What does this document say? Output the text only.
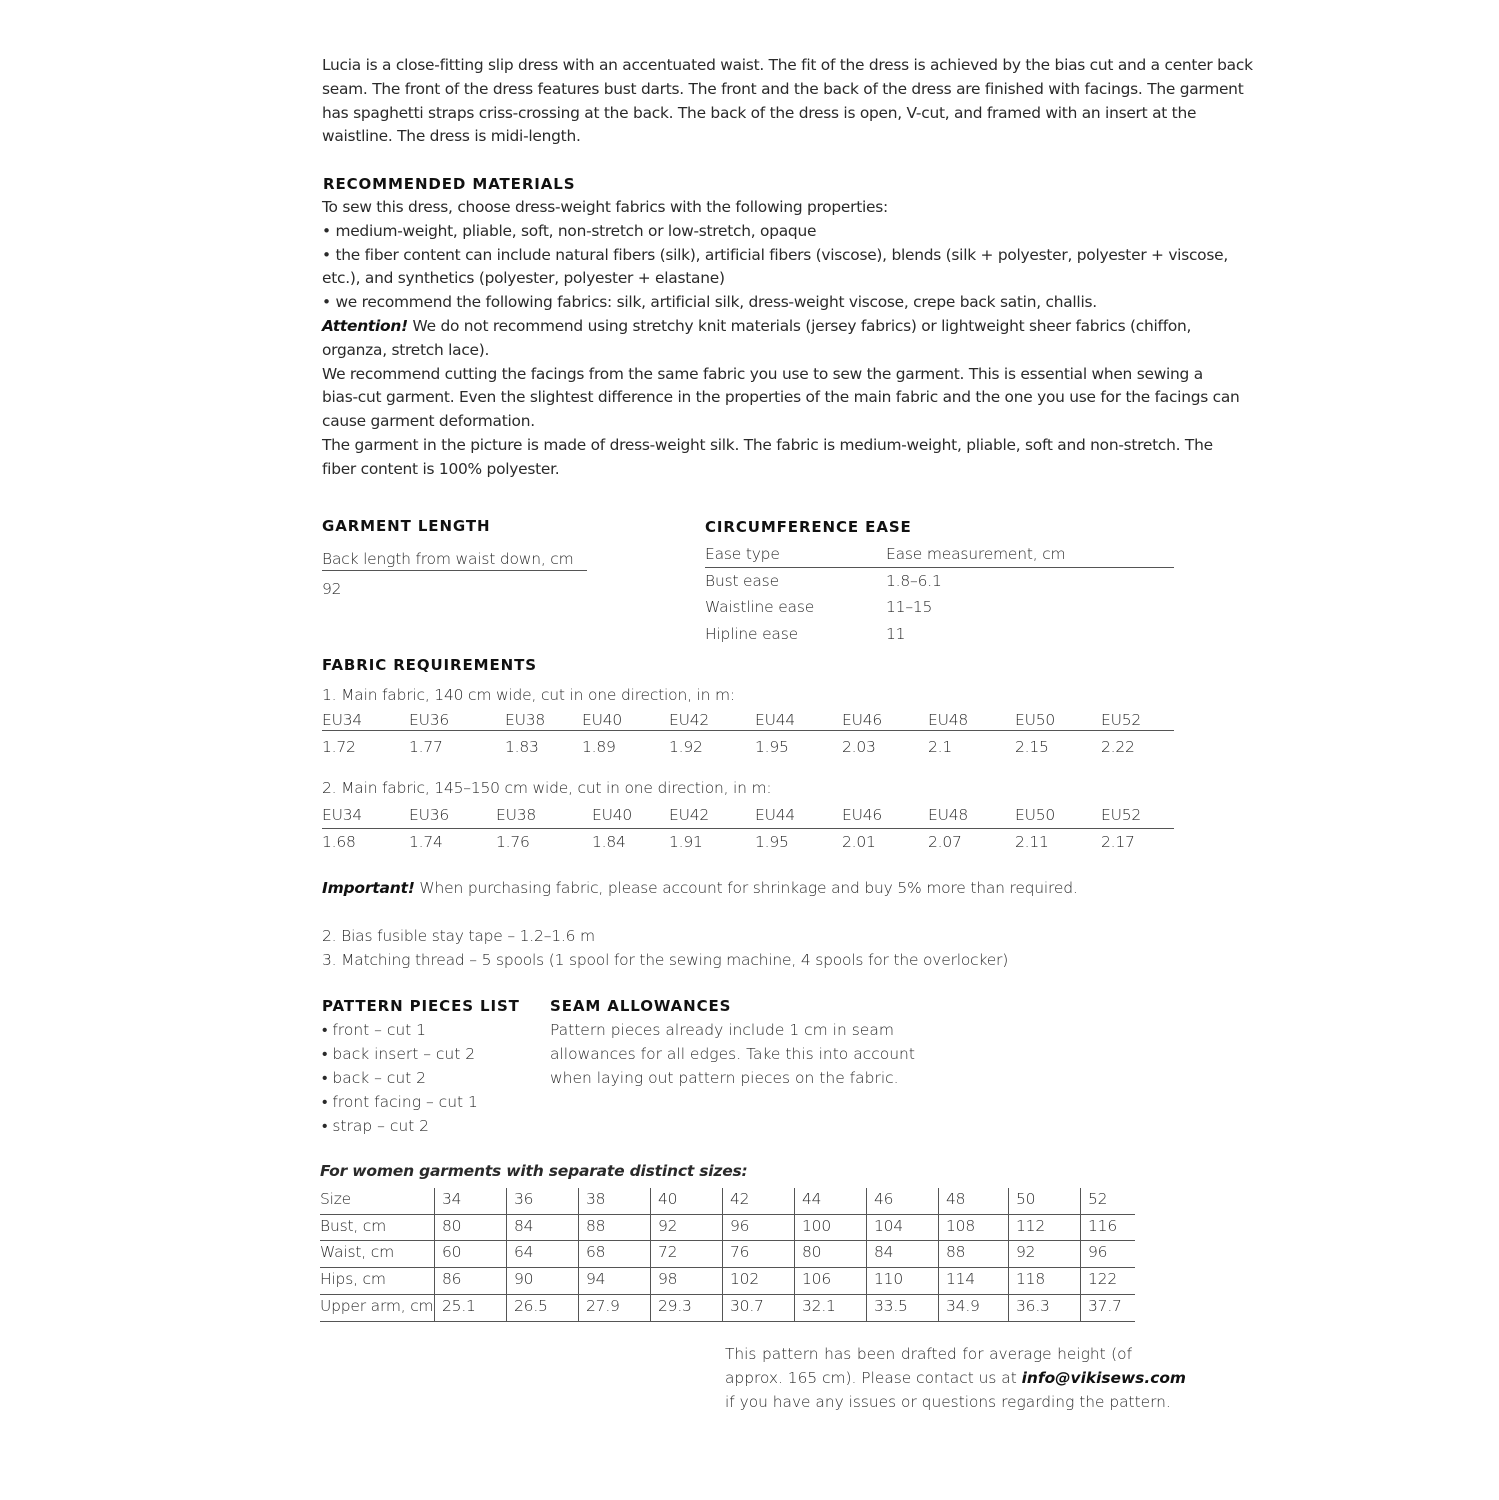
Lucia is a close-fitting slip dress with an accentuated waist. The fit of the dress is achieved by the bias cut and a center back
seam. The front of the dress features bust darts. The front and the back of the dress are finished with facings. The garment
has spaghetti straps criss-crossing at the back. The back of the dress is open, V-cut, and framed with an insert at the
waistline. The dress is midi-length.
RECOMMENDED MATERIALS
To sew this dress, choose dress-weight fabrics with the following properties:
• medium-weight, pliable, soft, non-stretch or low-stretch, opaque
• the fiber content can include natural fibers (silk), artificial fibers (viscose), blends (silk + polyester, polyester + viscose,
etc.), and synthetics (polyester, polyester + elastane)
• we recommend the following fabrics: silk, artificial silk, dress-weight viscose, crepe back satin, challis.
Attention! We do not recommend using stretchy knit materials (jersey fabrics) or lightweight sheer fabrics (chiffon,
organza, stretch lace).
We recommend cutting the facings from the same fabric you use to sew the garment. This is essential when sewing a
bias-cut garment. Even the slightest difference in the properties of the main fabric and the one you use for the facings can
cause garment deformation.
The garment in the picture is made of dress-weight silk. The fabric is medium-weight, pliable, soft and non-stretch. The
fiber content is 100% polyester.
GARMENT LENGTH
Back length from waist down, cm
92
CIRCUMFERENCE EASE
Ease type	Ease measurement, cm
Bust ease	1.8–6.1
Waistline ease	11–15
Hipline ease	11
FABRIC REQUIREMENTS
1. Main fabric, 140 cm wide, cut in one direction, in m:
EU34	EU36	EU38 EU40	EU42	EU44	EU46	EU48	EU50	EU52
1.72	1.77	1.83	1.89	1.92	1.95	2.03	2.1	2.15	2.22
2. Main fabric, 145–150 cm wide, cut in one direction, in m:
EU34	EU36	EU38	EU40 EU42	EU44	EU46	EU48	EU50	EU52
1.68	1.74	1.76	1.84	1.91	1.95	2.01	2.07	2.11	2.17
Important! When purchasing fabric, please account for shrinkage and buy 5% more than required.
2. Bias fusible stay tape – 1.2–1.6 m
3. Matching thread – 5 spools (1 spool for the sewing machine, 4 spools for the overlocker)
PATTERN PIECES LIST
• front – cut 1
• back insert – cut 2
• back – cut 2
• front facing – cut 1
• strap – cut 2
SEAM ALLOWANCES
Pattern pieces already include 1 cm in seam
allowances for all edges. Take this into account
when laying out pattern pieces on the fabric.
For women garments with separate distinct sizes:
Size	34	36	38	40	42	44	46	48	50	52
Bust, cm	80	84	88	92	96	100	104	108	112	116
Waist, cm	60	64	68	72	76	80	84	88	92	96
Hips, cm	86	90	94	98	102	106	110	114	118	122
Upper arm, cm 25.1 26.5 27.9 29.3 30.7 32.1 33.5 34.9 36.3 37.7
This pattern has been drafted for average height (of
approx. 165 cm). Please contact us at info@vikisews.com
if you have any issues or questions regarding the pattern.
